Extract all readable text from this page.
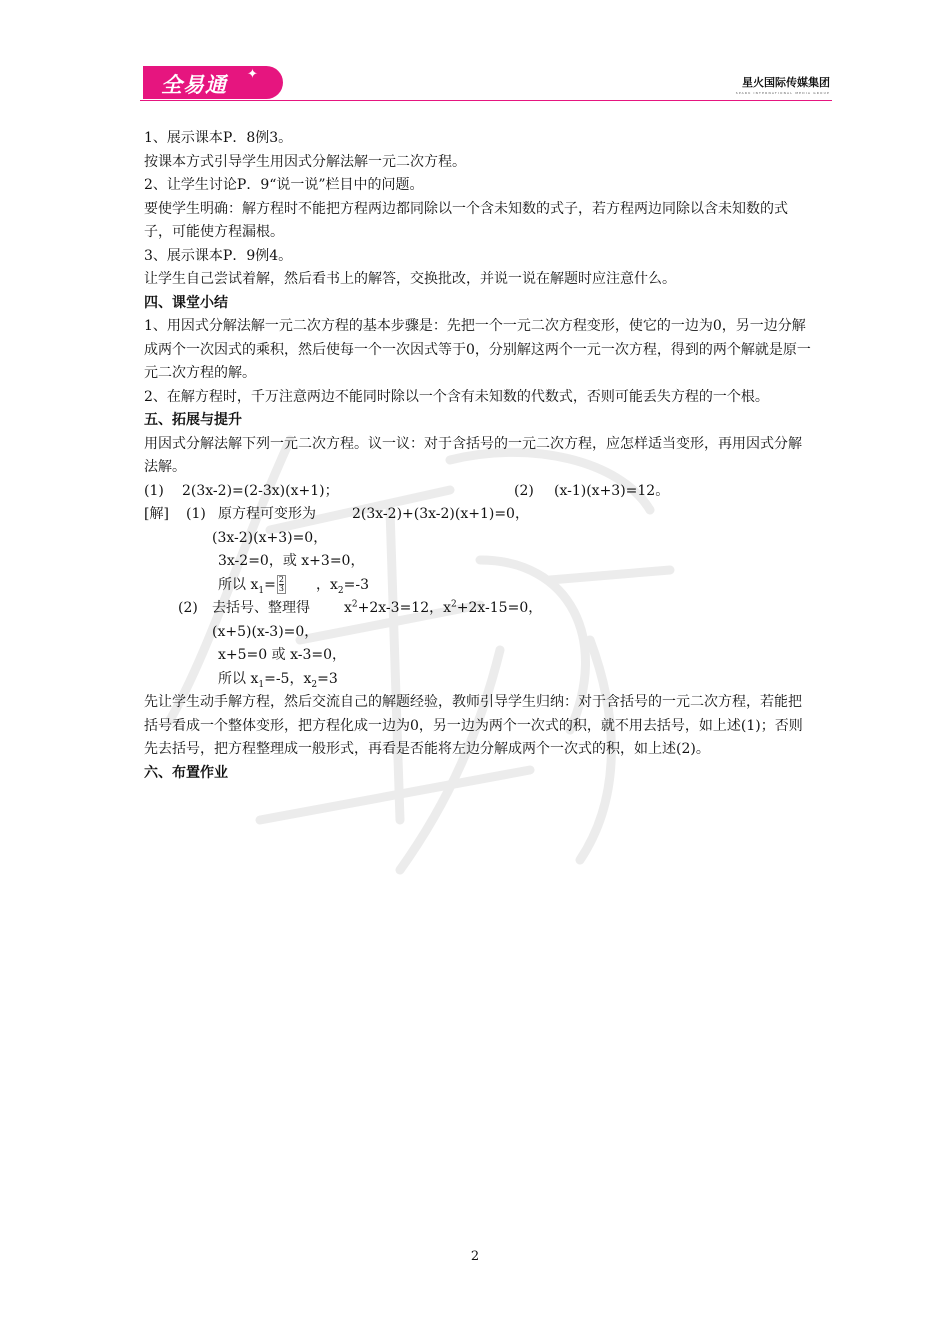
全易通 ✦
星火国际传媒集团
SPARK INTERNATIONAL MEDIA GROUP

1、展示课本P．8例3。

按课本方式引导学生用因式分解法解一元二次方程。

2、让学生讨论P．9“说一说”栏目中的问题。

要使学生明确：解方程时不能把方程两边都同除以一个含未知数的式子，若方程两边同除以含未知数的式子，可能使方程漏根。

3、展示课本P．9例4。

让学生自己尝试着解，然后看书上的解答，交换批改，并说一说在解题时应注意什么。

四、课堂小结

1、用因式分解法解一元二次方程的基本步骤是：先把一个一元二次方程变形，使它的一边为0，另一边分解成两个一次因式的乘积，然后使每一个一次因式等于0，分别解这两个一元一次方程，得到的两个解就是原一元二次方程的解。

2、在解方程时，千万注意两边不能同时除以一个含有未知数的代数式，否则可能丢失方程的一个根。

五、拓展与提升

用因式分解法解下列一元二次方程。议一议：对于含括号的一元二次方程，应怎样适当变形，再用因式分解法解。

(1) 2(3x-2)=(2-3x)(x+1)；	(2) (x-1)(x+3)=12。
[解] (1) 原方程可变形为	2(3x-2)+(3x-2)(x+1)=0，
(3x-2)(x+3)=0，
3x-2=0，或 x+3=0，
所以 $x_1= \frac{2}{3}$ ，$x_2=-3$
(2) 去括号、整理得 $x^2+2x-3=12$，$x^2+2x-15=0$，
(x+5)(x-3)=0，
x+5=0 或 x-3=0，
所以 $x_1=-5$，$x_2=3$

先让学生动手解方程，然后交流自己的解题经验，教师引导学生归纳：对于含括号的一元二次方程，若能把括号看成一个整体变形，把方程化成一边为0，另一边为两个一次式的积，就不用去括号，如上述(1)；否则先去括号，把方程整理成一般形式，再看是否能将左边分解成两个一次式的积，如上述(2)。

六、布置作业

2
